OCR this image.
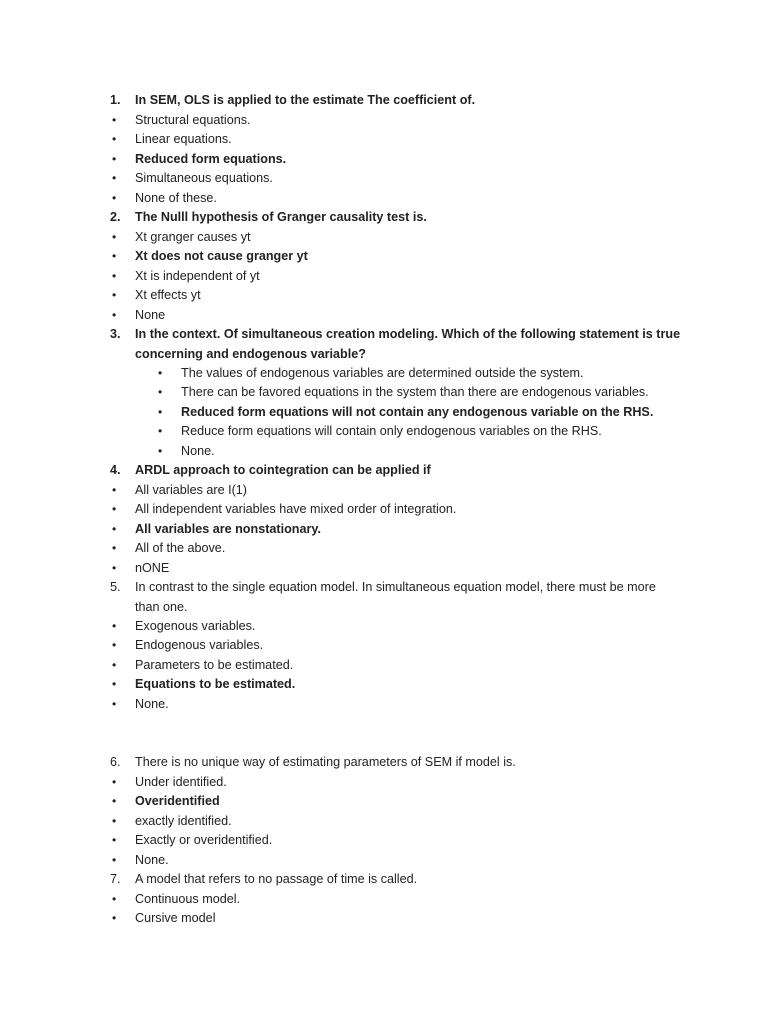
1.	In SEM, OLS is applied to the estimate The coefficient of.
•	Structural equations.
•	Linear equations.
•	Reduced form equations.
•	Simultaneous equations.
•	None of these.
2.	The Nulll hypothesis of Granger causality test is.
•	Xt granger causes yt
•	Xt does not cause granger yt
•	Xt is independent of yt
•	Xt effects yt
•	None
3.	In the context. Of simultaneous creation modeling. Which of the following statement is true
concerning and endogenous variable?
•	The values of endogenous variables are determined outside the system.
•	There can be favored equations in the system than there are endogenous variables.
•	Reduced form equations will not contain any endogenous variable on the RHS.
•	Reduce form equations will contain only endogenous variables on the RHS.
•	None.
4.	ARDL approach to cointegration can be applied if
•	All variables are I(1)
•	All independent variables have mixed order of integration.
•	All variables are nonstationary.
•	All of the above.
•	nONE
5.	In contrast to the single equation model. In simultaneous equation model, there must be more
than one.
•	Exogenous variables.
•	Endogenous variables.
•	Parameters to be estimated.
•	Equations to be estimated.
•	None.
6.	There is no unique way of estimating parameters of SEM if model is.
•	Under identified.
•	Overidentified
•	exactly identified.
•	Exactly or overidentified.
•	None.
7.	A model that refers to no passage of time is called.
•	Continuous model.
•	Cursive model
